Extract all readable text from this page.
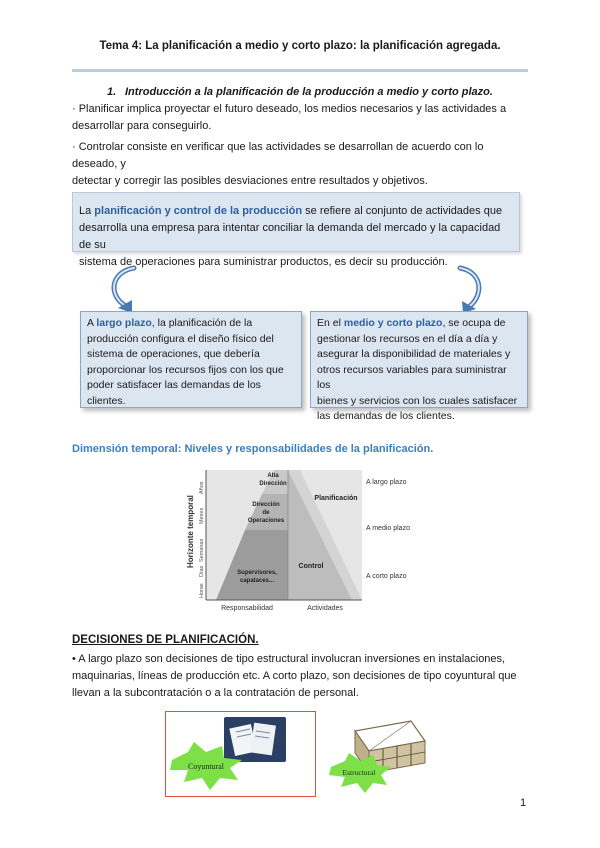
Tema 4: La planificación a medio y corto plazo: la planificación agregada.
1. Introducción a la planificación de la producción a medio y corto plazo.
· Planificar implica proyectar el futuro deseado, los medios necesarios y las actividades a
desarrollar para conseguirlo.
· Controlar consiste en verificar que las actividades se desarrollan de acuerdo con lo deseado, y
detectar y corregir las posibles desviaciones entre resultados y objetivos.
La planificación y control de la producción se refiere al conjunto de actividades que
desarrolla una empresa para intentar conciliar la demanda del mercado y la capacidad de su
sistema de operaciones para suministrar productos, es decir su producción.
A largo plazo, la planificación de la
producción configura el diseño físico del
sistema de operaciones, que debería
proporcionar los recursos fijos con los que
poder satisfacer las demandas de los
clientes.
En el medio y corto plazo, se ocupa de
gestionar los recursos en el día a día y
asegurar la disponibilidad de materiales y
otros recursos variables para suministrar los
bienes y servicios con los cuales satisfacer
las demandas de los clientes.
Dimensión temporal: Niveles y responsabilidades de la planificación.
Horizonte temporal
Horas
Días
Semanas
Meses
Años
Alta
Dirección
Dirección
de
Operaciones
Supervisores,
capataces...
Planificación
Control
Responsabilidad	Actividades
A largo plazo
A medio plazo
A corto plazo
DECISIONES DE PLANIFICACIÓN.
• A largo plazo son decisiones de tipo estructural involucran inversiones en instalaciones,
maquinarias, líneas de producción etc. A corto plazo, son decisiones de tipo coyuntural que
llevan a la subcontratación o a la contratación de personal.
Coyuntural
Estructural
1
